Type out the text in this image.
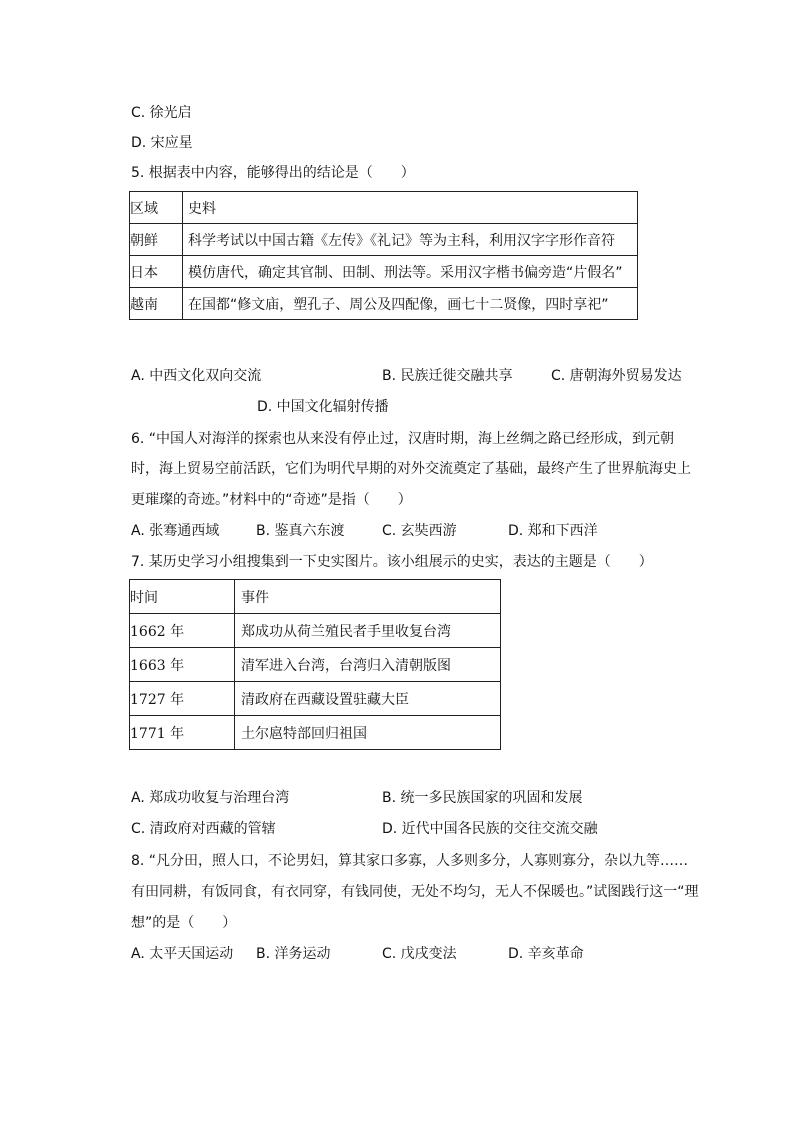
C. 徐光启
D. 宋应星
5. 根据表中内容，能够得出的结论是（　　）
区域	史料
朝鲜	科学考试以中国古籍《左传》《礼记》等为主科，利用汉字字形作音符
日本	模仿唐代，确定其官制、田制、刑法等。采用汉字楷书偏旁造“片假名”
越南	在国都“修文庙，塑孔子、周公及四配像，画七十二贤像，四时享祀”
A. 中西文化双向交流	B. 民族迁徙交融共享	C. 唐朝海外贸易发达
D. 中国文化辐射传播
6. “中国人对海洋的探索也从来没有停止过，汉唐时期，海上丝绸之路已经形成，到元朝
时，海上贸易空前活跃，它们为明代早期的对外交流奠定了基础，最终产生了世界航海史上
更璀璨的奇迹。”材料中的“奇迹”是指（　　）
A. 张骞通西域	B. 鉴真六东渡	C. 玄奘西游	D. 郑和下西洋
7. 某历史学习小组搜集到一下史实图片。该小组展示的史实，表达的主题是（　　）
时间	事件
1662 年	郑成功从荷兰殖民者手里收复台湾
1663 年	清军进入台湾，台湾归入清朝版图
1727 年	清政府在西藏设置驻藏大臣
1771 年	土尔扈特部回归祖国
A. 郑成功收复与治理台湾	B. 统一多民族国家的巩固和发展
C. 清政府对西藏的管辖	D. 近代中国各民族的交往交流交融
8. “凡分田，照人口，不论男妇，算其家口多寡，人多则多分，人寡则寡分，杂以九等……
有田同耕，有饭同食，有衣同穿，有钱同使，无处不均匀，无人不保暖也。”试图践行这一“理
想”的是（　　）
A. 太平天国运动 B. 洋务运动	C. 戊戌变法	D. 辛亥革命
